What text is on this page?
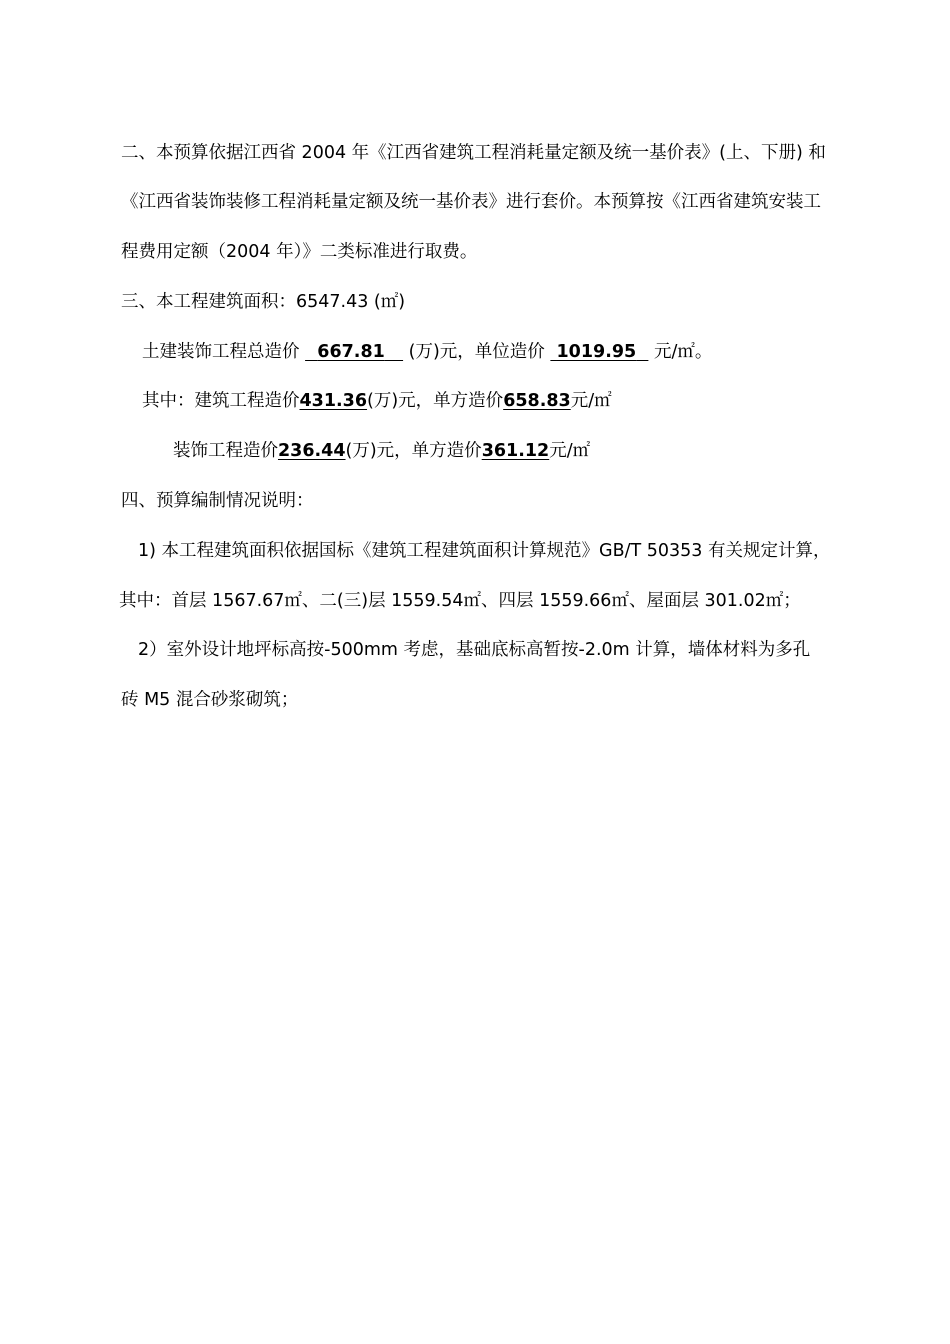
二、本预算依据江西省 2004 年《江西省建筑工程消耗量定额及统一基价表》(上、下册) 和
《江西省装饰装修工程消耗量定额及统一基价表》进行套价。本预算按《江西省建筑安装工
程费用定额（2004 年）》二类标准进行取费。
三、本工程建筑面积：6547.43 (㎡)
土建装饰工程总造价 667.81 (万)元，单位造价 1019.95 元/㎡。
其中：建筑工程造价431.36(万)元，单方造价658.83元/㎡
装饰工程造价236.44(万)元，单方造价361.12元/㎡
四、预算编制情况说明：
1) 本工程建筑面积依据国标《建筑工程建筑面积计算规范》GB/T 50353 有关规定计算，
其中：首层 1567.67㎡、二(三)层 1559.54㎡、四层 1559.66㎡、屋面层 301.02㎡；
2）室外设计地坪标高按-500mm 考虑，基础底标高暂按-2.0m 计算，墙体材料为多孔
砖 M5 混合砂浆砌筑；
